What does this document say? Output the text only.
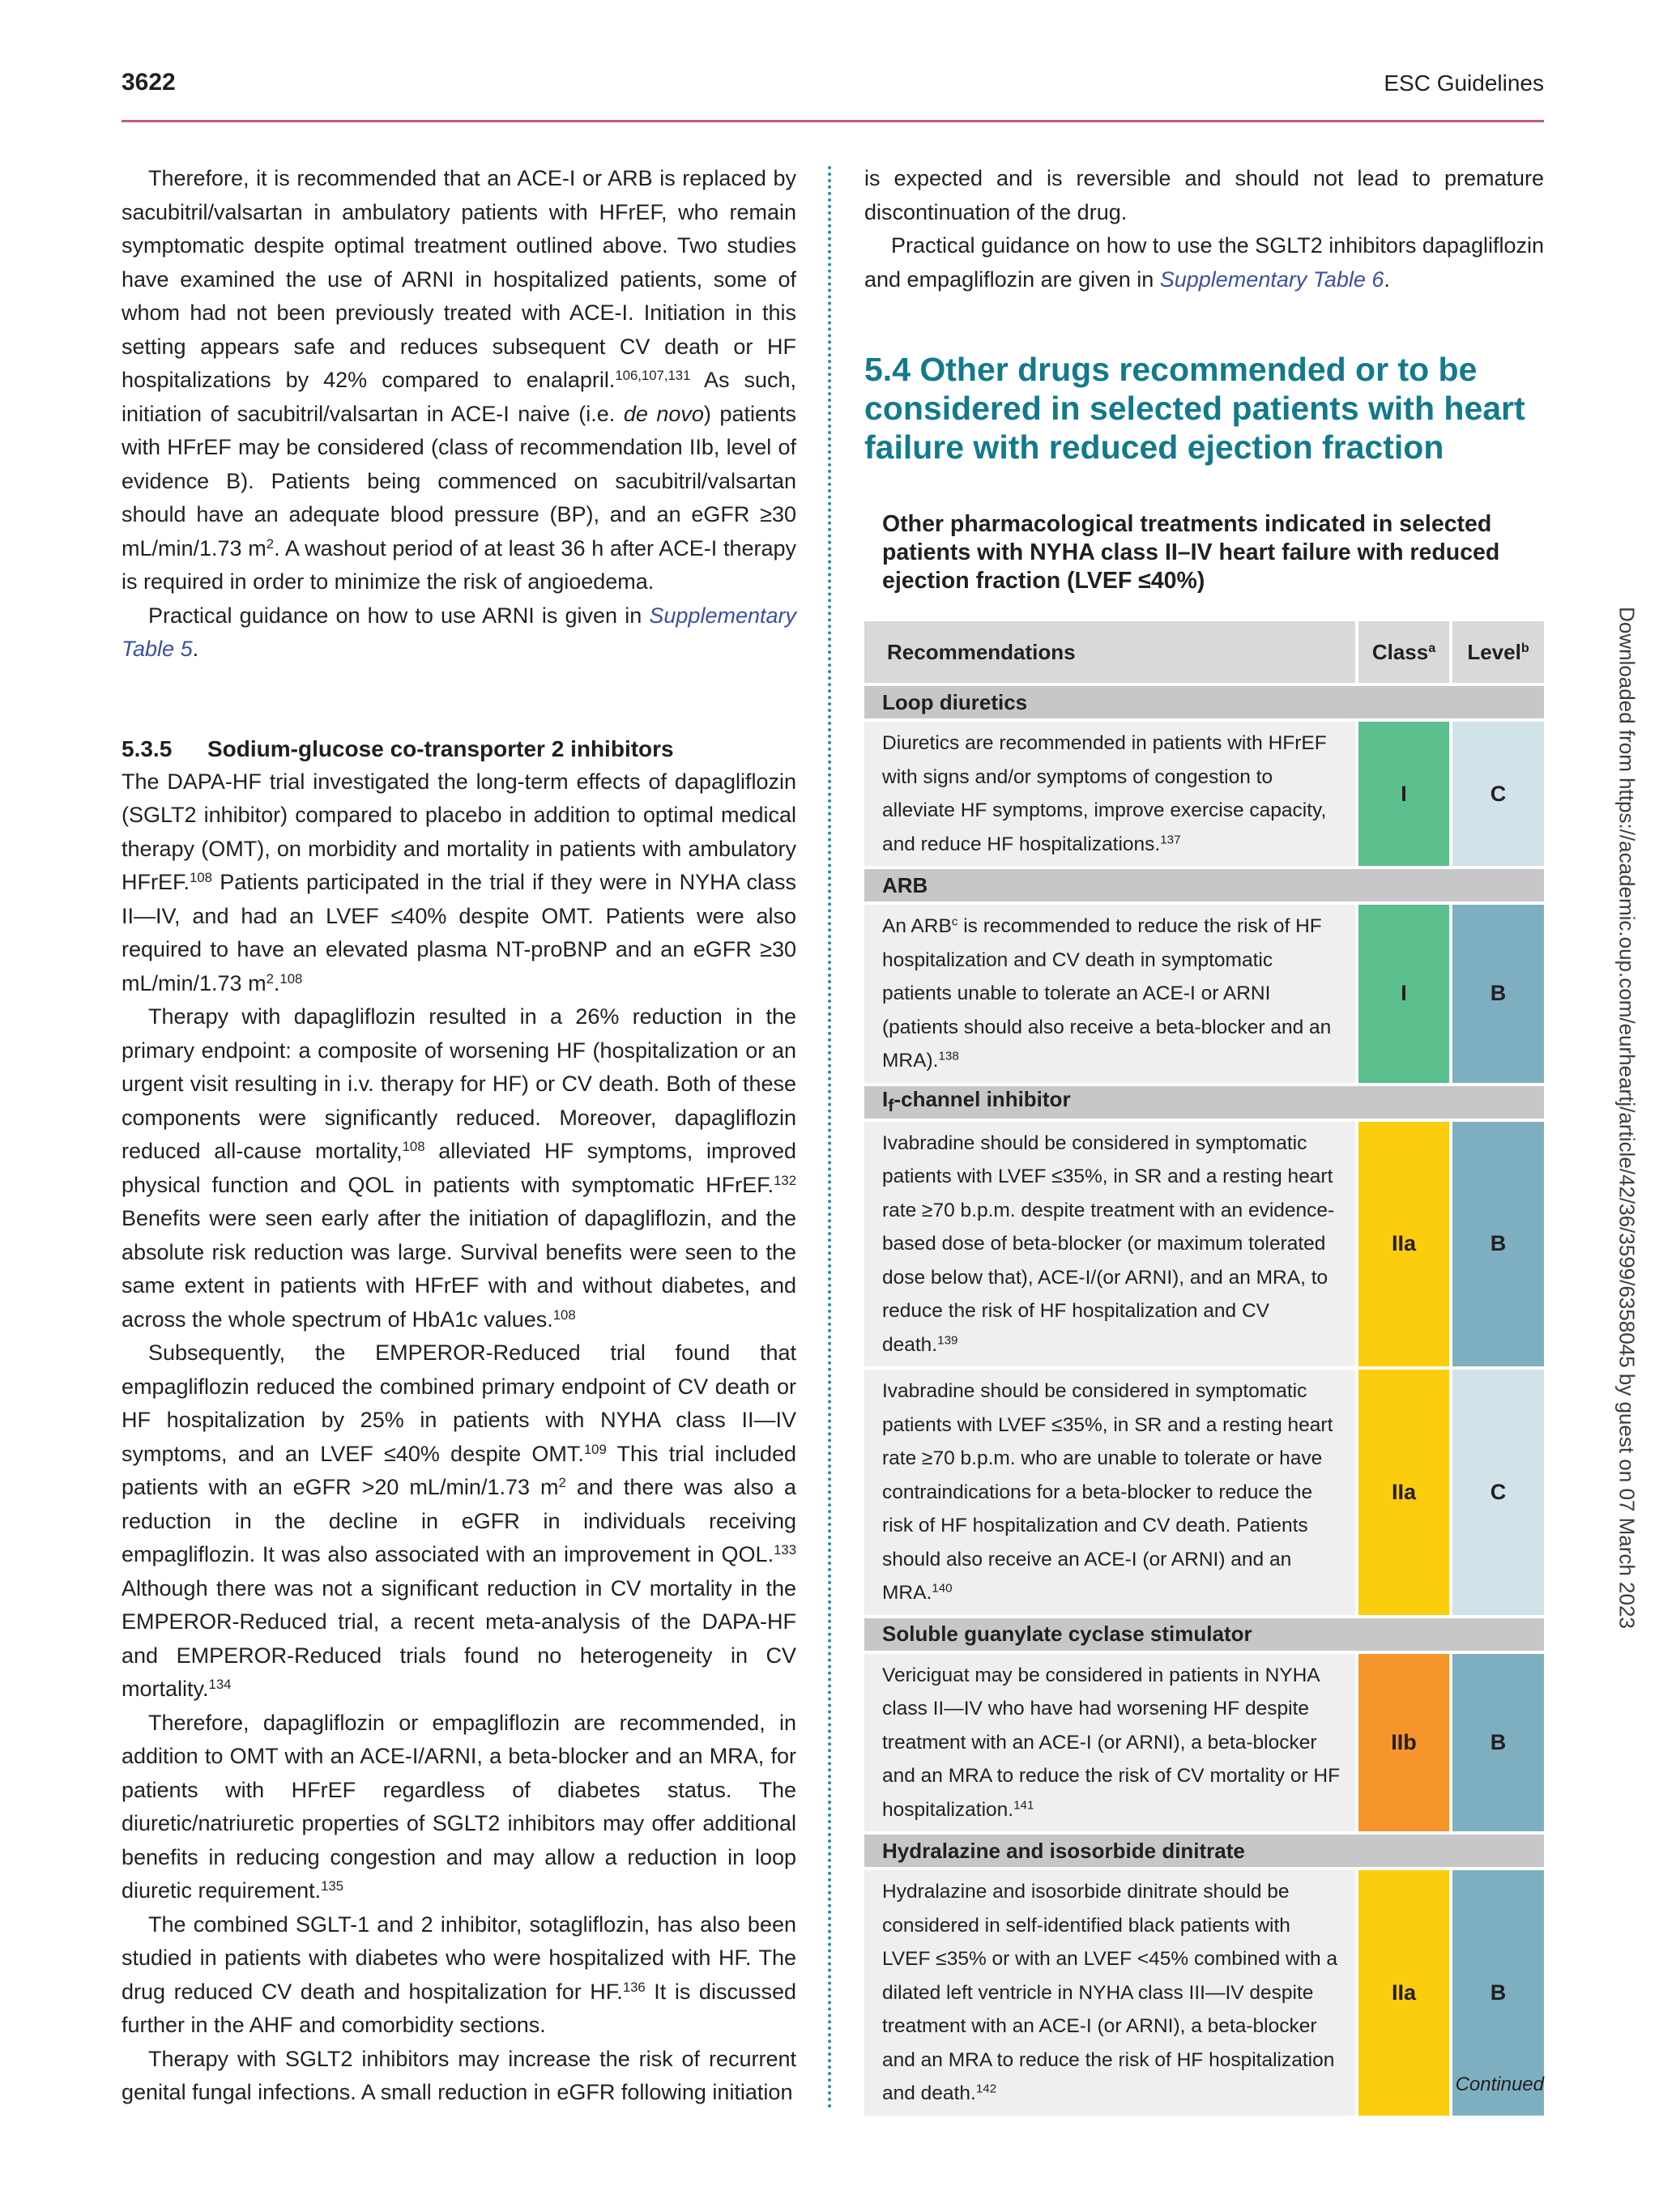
3622	ESC Guidelines

Therefore, it is recommended that an ACE-I or ARB is replaced by sacubitril/valsartan in ambulatory patients with HFrEF, who remain symptomatic despite optimal treatment outlined above. Two studies have examined the use of ARNI in hospitalized patients, some of whom had not been previously treated with ACE-I. Initiation in this setting appears safe and reduces subsequent CV death or HF hospitalizations by 42% compared to enalapril.$^{106,107,131}$ As such, initiation of sacubitril/valsartan in ACE-I naive (i.e. de novo) patients with HFrEF may be considered (class of recommendation IIb, level of evidence B). Patients being commenced on sacubitril/valsartan should have an adequate blood pressure (BP), and an eGFR ≥30 mL/min/1.73 $m^2$. A washout period of at least 36 h after ACE-I therapy is required in order to minimize the risk of angioedema.

Practical guidance on how to use ARNI is given in Supplementary Table 5.

5.3.5 Sodium-glucose co-transporter 2 inhibitors

The DAPA-HF trial investigated the long-term effects of dapagliflozin (SGLT2 inhibitor) compared to placebo in addition to optimal medical therapy (OMT), on morbidity and mortality in patients with ambulatory HFrEF.$^{108}$ Patients participated in the trial if they were in NYHA class II—IV, and had an LVEF ≤40% despite OMT. Patients were also required to have an elevated plasma NT-proBNP and an eGFR ≥30 mL/min/1.73 $m^2.^{108}$

Therapy with dapagliflozin resulted in a 26% reduction in the primary endpoint: a composite of worsening HF (hospitalization or an urgent visit resulting in i.v. therapy for HF) or CV death. Both of these components were significantly reduced. Moreover, dapagliflozin reduced all-cause mortality,$^{108}$ alleviated HF symptoms, improved physical function and QOL in patients with symptomatic HFrEF.$^{132}$ Benefits were seen early after the initiation of dapagliflozin, and the absolute risk reduction was large. Survival benefits were seen to the same extent in patients with HFrEF with and without diabetes, and across the whole spectrum of HbA1c values.$^{108}$

Subsequently, the EMPEROR-Reduced trial found that empagliflozin reduced the combined primary endpoint of CV death or HF hospitalization by 25% in patients with NYHA class II—IV symptoms, and an LVEF ≤40% despite OMT.$^{109}$ This trial included patients with an eGFR >20 mL/min/1.73 $m^2$ and there was also a reduction in the decline in eGFR in individuals receiving empagliflozin. It was also associated with an improvement in QOL.$^{133}$ Although there was not a significant reduction in CV mortality in the EMPEROR-Reduced trial, a recent meta-analysis of the DAPA-HF and EMPEROR-Reduced trials found no heterogeneity in CV mortality.$^{134}$

Therefore, dapagliflozin or empagliflozin are recommended, in addition to OMT with an ACE-I/ARNI, a beta-blocker and an MRA, for patients with HFrEF regardless of diabetes status. The diuretic/natriuretic properties of SGLT2 inhibitors may offer additional benefits in reducing congestion and may allow a reduction in loop diuretic requirement.$^{135}$

The combined SGLT-1 and 2 inhibitor, sotagliflozin, has also been studied in patients with diabetes who were hospitalized with HF. The drug reduced CV death and hospitalization for HF.$^{136}$ It is discussed further in the AHF and comorbidity sections.

Therapy with SGLT2 inhibitors may increase the risk of recurrent genital fungal infections. A small reduction in eGFR following initiation

is expected and is reversible and should not lead to premature discontinuation of the drug.

Practical guidance on how to use the SGLT2 inhibitors dapagliflozin and empagliflozin are given in Supplementary Table 6.

5.4 Other drugs recommended or to be considered in selected patients with heart failure with reduced ejection fraction
Other pharmacological treatments indicated in selected patients with NYHA class II–IV heart failure with reduced ejection fraction (LVEF ≤40%)
Recommendations	Class$^a$	Level$^b$
Loop diuretics		
Diuretics are recommended in patients with HFrEF with signs and/or symptoms of congestion to alleviate HF symptoms, improve exercise capacity, and reduce HF hospitalizations.$^{137}$	I	C
ARB		
An ARB$^c$ is recommended to reduce the risk of HF hospitalization and CV death in symptomatic patients unable to tolerate an ACE-I or ARNI (patients should also receive a beta-blocker and an MRA).$^{138}$	I	B
$I_f$-channel inhibitor		
Ivabradine should be considered in symptomatic patients with LVEF ≤35%, in SR and a resting heart rate ≥70 b.p.m. despite treatment with an evidence-based dose of beta-blocker (or maximum tolerated dose below that), ACE-I/(or ARNI), and an MRA, to reduce the risk of HF hospitalization and CV death.$^{139}$	IIa	B
Ivabradine should be considered in symptomatic patients with LVEF ≤35%, in SR and a resting heart rate ≥70 b.p.m. who are unable to tolerate or have contraindications for a beta-blocker to reduce the risk of HF hospitalization and CV death. Patients should also receive an ACE-I (or ARNI) and an MRA.$^{140}$	IIa	C
Soluble guanylate cyclase stimulator		
Vericiguat may be considered in patients in NYHA class II—IV who have had worsening HF despite treatment with an ACE-I (or ARNI), a beta-blocker and an MRA to reduce the risk of CV mortality or HF hospitalization.$^{141}$	IIb	B
Hydralazine and isosorbide dinitrate		
Hydralazine and isosorbide dinitrate should be considered in self-identified black patients with LVEF ≤35% or with an LVEF <45% combined with a dilated left ventricle in NYHA class III—IV despite treatment with an ACE-I (or ARNI), a beta-blocker and an MRA to reduce the risk of HF hospitalization and death.$^{142}$	IIa	B
Continued
Downloaded from https://academic.oup.com/eurheartj/article/42/36/3599/6358045 by guest on 07 March 2023
